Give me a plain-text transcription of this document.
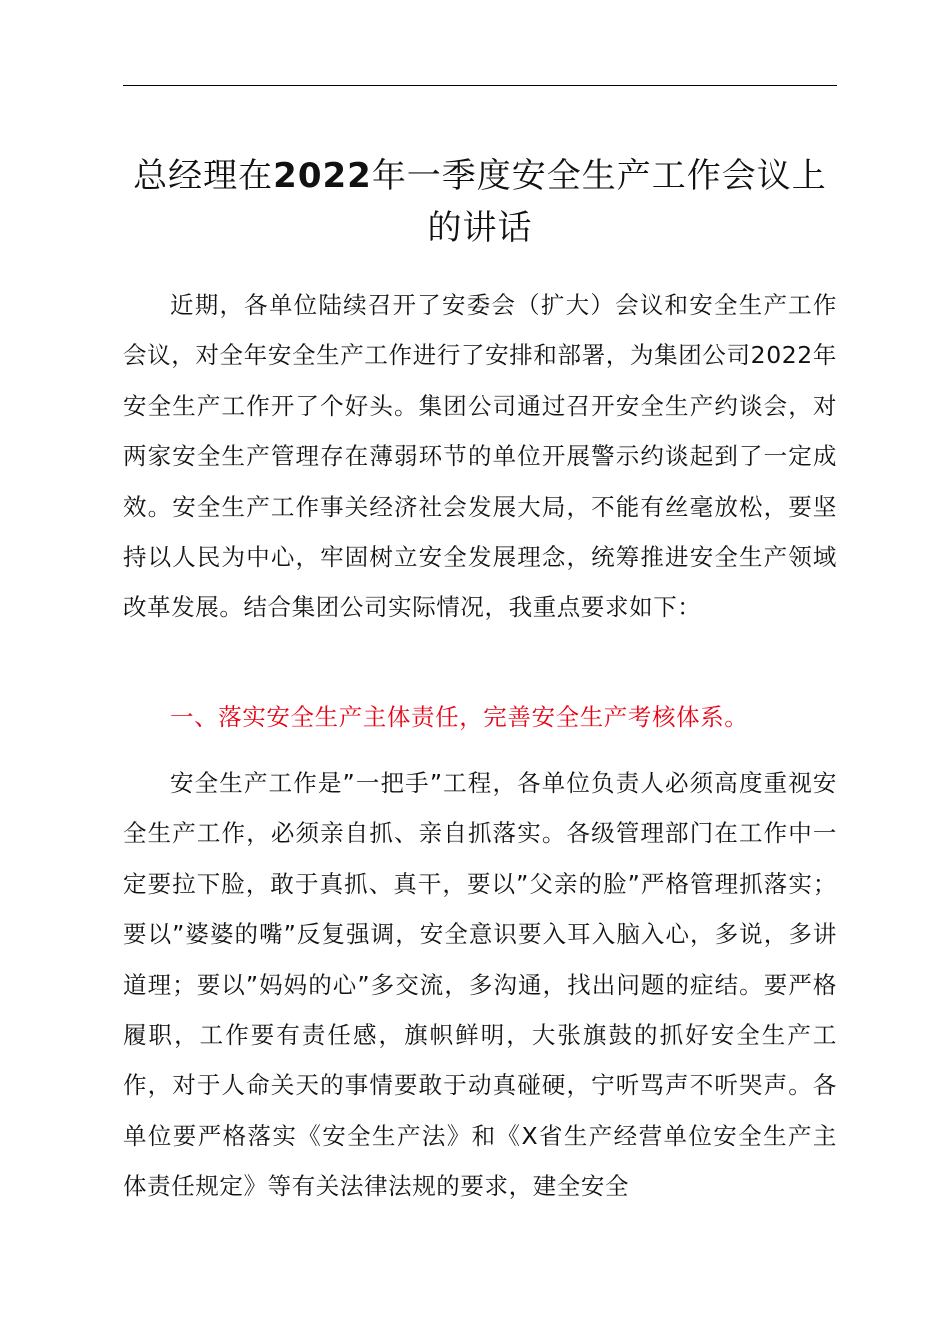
总经理在2022年一季度安全生产工作会议上的讲话

近期，各单位陆续召开了安委会（扩大）会议和安全生产工作会议，对全年安全生产工作进行了安排和部署，为集团公司2022年安全生产工作开了个好头。集团公司通过召开安全生产约谈会，对两家安全生产管理存在薄弱环节的单位开展警示约谈起到了一定成效。安全生产工作事关经济社会发展大局，不能有丝毫放松，要坚持以人民为中心，牢固树立安全发展理念，统筹推进安全生产领域改革发展。结合集团公司实际情况，我重点要求如下：

一、落实安全生产主体责任，完善安全生产考核体系。

安全生产工作是”一把手”工程，各单位负责人必须高度重视安全生产工作，必须亲自抓、亲自抓落实。各级管理部门在工作中一定要拉下脸，敢于真抓、真干，要以”父亲的脸”严格管理抓落实；要以”婆婆的嘴”反复强调，安全意识要入耳入脑入心，多说，多讲道理；要以”妈妈的心”多交流，多沟通，找出问题的症结。要严格履职，工作要有责任感，旗帜鲜明，大张旗鼓的抓好安全生产工作，对于人命关天的事情要敢于动真碰硬，宁听骂声不听哭声。各单位要严格落实《安全生产法》和《X省生产经营单位安全生产主体责任规定》等有关法律法规的要求，建全安全
